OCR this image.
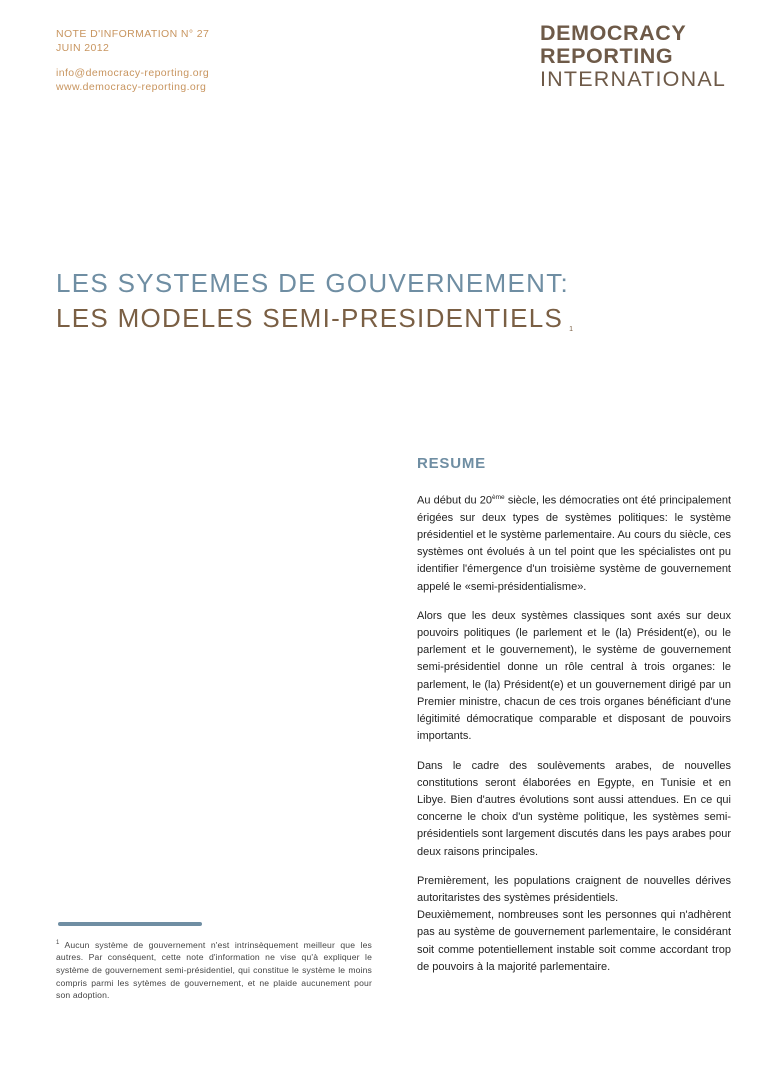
NOTE D'INFORMATION N° 27
JUIN 2012
info@democracy-reporting.org
www.democracy-reporting.org
DEMOCRACY
REPORTING
INTERNATIONAL
LES SYSTEMES DE GOUVERNEMENT:
LES MODELES SEMI-PRESIDENTIELS $^1$
RESUME

Au début du 20ème siècle, les démocraties ont été principalement érigées sur deux types de systèmes politiques: le système présidentiel et le système parlementaire. Au cours du siècle, ces systèmes ont évolués à un tel point que les spécialistes ont pu identifier l'émergence d'un troisième système de gouvernement appelé le «semi-présidentialisme».

Alors que les deux systèmes classiques sont axés sur deux pouvoirs politiques (le parlement et le (la) Président(e), ou le parlement et le gouvernement), le système de gouvernement semi-présidentiel donne un rôle central à trois organes: le parlement, le (la) Président(e) et un gouvernement dirigé par un Premier ministre, chacun de ces trois organes bénéficiant d'une légitimité démocratique comparable et disposant de pouvoirs importants.

Dans le cadre des soulèvements arabes, de nouvelles constitutions seront élaborées en Egypte, en Tunisie et en Libye. Bien d'autres évolutions sont aussi attendues. En ce qui concerne le choix d'un système politique, les systèmes semi-présidentiels sont largement discutés dans les pays arabes pour deux raisons principales.

Premièrement, les populations craignent de nouvelles dérives autoritaristes des systèmes présidentiels.

Deuxièmement, nombreuses sont les personnes qui n'adhèrent pas au système de gouvernement parlementaire, le considérant soit comme potentiellement instable soit comme accordant trop de pouvoirs à la majorité parlementaire.

$^1$ Aucun système de gouvernement n'est intrinsèquement meilleur que les autres. Par conséquent, cette note d'information ne vise qu'à expliquer le système de gouvernement semi-présidentiel, qui constitue le système le moins compris parmi les sytèmes de gouvernement, et ne plaide aucunement pour son adoption.
